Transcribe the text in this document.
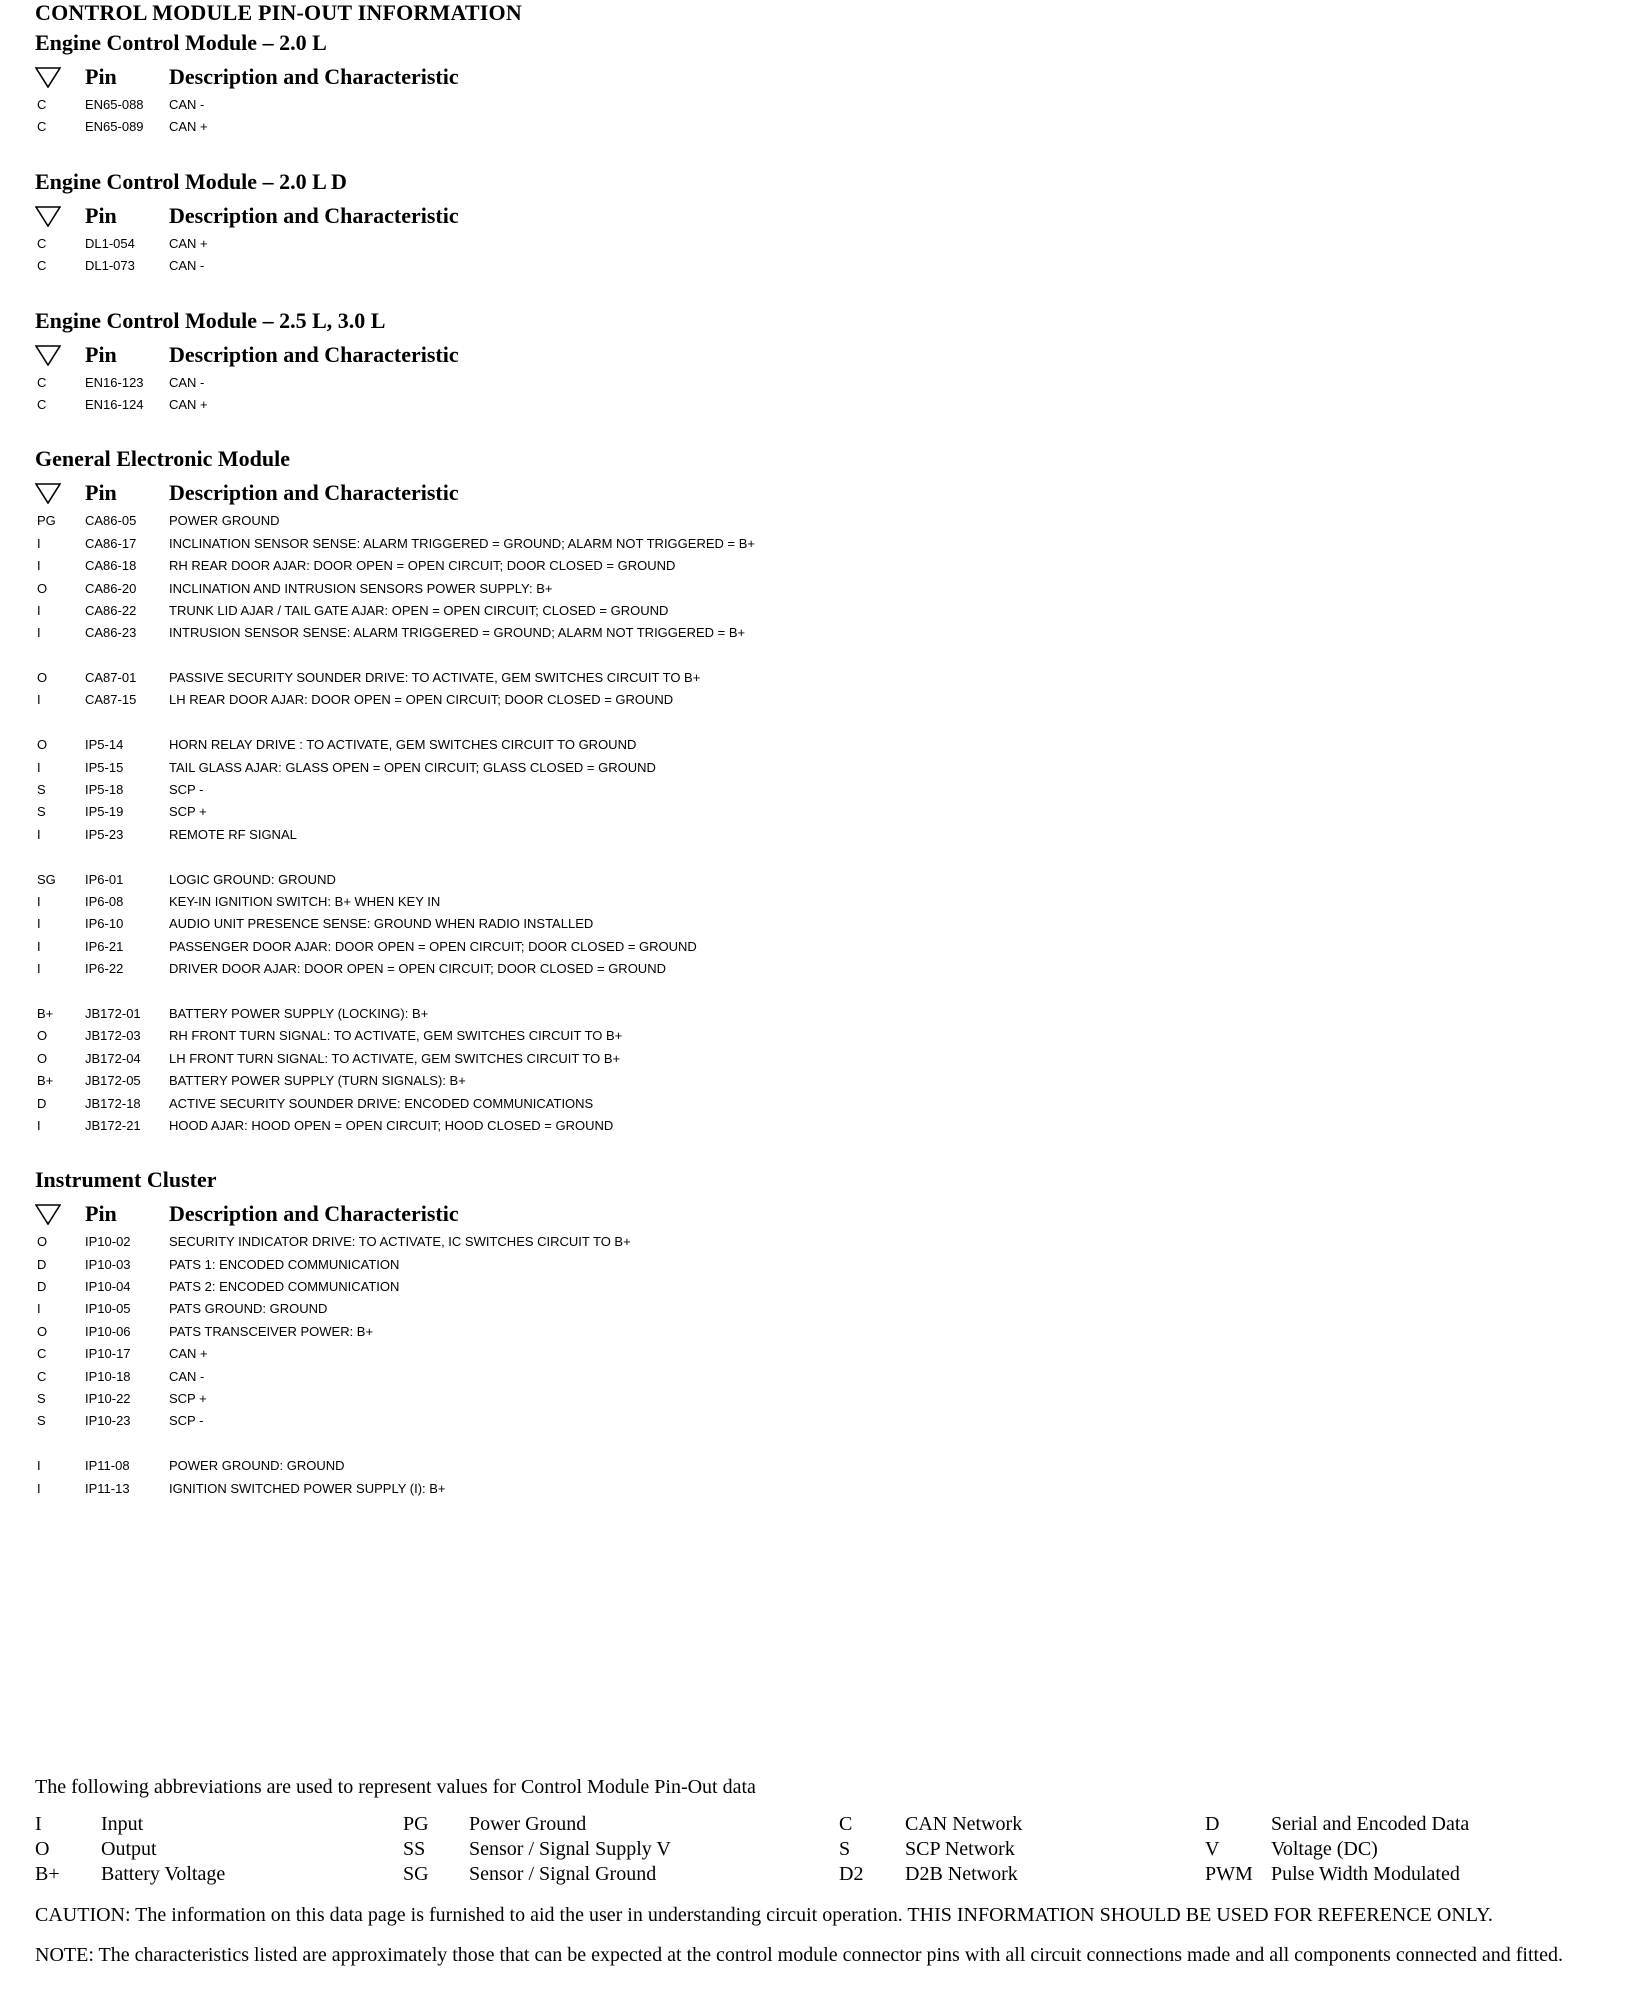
CONTROL MODULE PIN-OUT INFORMATION
Engine Control Module – 2.0 L
Pin	Description and Characteristic
C	EN65-088	CAN -
C	EN65-089	CAN +
Engine Control Module – 2.0 L D
Pin	Description and Characteristic
C	DL1-054	CAN +
C	DL1-073	CAN -
Engine Control Module – 2.5 L, 3.0 L
Pin	Description and Characteristic
C	EN16-123	CAN -
C	EN16-124	CAN +
General Electronic Module
Pin	Description and Characteristic
PG	CA86-05	POWER GROUND
I	CA86-17	INCLINATION SENSOR SENSE: ALARM TRIGGERED = GROUND; ALARM NOT TRIGGERED = B+
I	CA86-18	RH REAR DOOR AJAR: DOOR OPEN = OPEN CIRCUIT; DOOR CLOSED = GROUND
O	CA86-20	INCLINATION AND INTRUSION SENSORS POWER SUPPLY: B+
I	CA86-22	TRUNK LID AJAR / TAIL GATE AJAR: OPEN = OPEN CIRCUIT; CLOSED = GROUND
I	CA86-23	INTRUSION SENSOR SENSE: ALARM TRIGGERED = GROUND; ALARM NOT TRIGGERED = B+
O	CA87-01	PASSIVE SECURITY SOUNDER DRIVE: TO ACTIVATE, GEM SWITCHES CIRCUIT TO B+
I	CA87-15	LH REAR DOOR AJAR: DOOR OPEN = OPEN CIRCUIT; DOOR CLOSED = GROUND
O	IP5-14	HORN RELAY DRIVE : TO ACTIVATE, GEM SWITCHES CIRCUIT TO GROUND
I	IP5-15	TAIL GLASS AJAR: GLASS OPEN = OPEN CIRCUIT; GLASS CLOSED = GROUND
S	IP5-18	SCP -
S	IP5-19	SCP +
I	IP5-23	REMOTE RF SIGNAL
SG	IP6-01	LOGIC GROUND: GROUND
I	IP6-08	KEY-IN IGNITION SWITCH: B+ WHEN KEY IN
I	IP6-10	AUDIO UNIT PRESENCE SENSE: GROUND WHEN RADIO INSTALLED
I	IP6-21	PASSENGER DOOR AJAR: DOOR OPEN = OPEN CIRCUIT; DOOR CLOSED = GROUND
I	IP6-22	DRIVER DOOR AJAR: DOOR OPEN = OPEN CIRCUIT; DOOR CLOSED = GROUND
B+	JB172-01	BATTERY POWER SUPPLY (LOCKING): B+
O	JB172-03	RH FRONT TURN SIGNAL: TO ACTIVATE, GEM SWITCHES CIRCUIT TO B+
O	JB172-04	LH FRONT TURN SIGNAL: TO ACTIVATE, GEM SWITCHES CIRCUIT TO B+
B+	JB172-05	BATTERY POWER SUPPLY (TURN SIGNALS): B+
D	JB172-18	ACTIVE SECURITY SOUNDER DRIVE: ENCODED COMMUNICATIONS
I	JB172-21	HOOD AJAR: HOOD OPEN = OPEN CIRCUIT; HOOD CLOSED = GROUND
Instrument Cluster
Pin	Description and Characteristic
O	IP10-02	SECURITY INDICATOR DRIVE: TO ACTIVATE, IC SWITCHES CIRCUIT TO B+
D	IP10-03	PATS 1: ENCODED COMMUNICATION
D	IP10-04	PATS 2: ENCODED COMMUNICATION
I	IP10-05	PATS GROUND: GROUND
O	IP10-06	PATS TRANSCEIVER POWER: B+
C	IP10-17	CAN +
C	IP10-18	CAN -
S	IP10-22	SCP +
S	IP10-23	SCP -
I	IP11-08	POWER GROUND: GROUND
I	IP11-13	IGNITION SWITCHED POWER SUPPLY (I): B+
The following abbreviations are used to represent values for Control Module Pin-Out data
I	Input	PG	Power Ground	C	CAN Network	D	Serial and Encoded Data
O	Output	SS	Sensor / Signal Supply V	S	SCP Network	V	Voltage (DC)
B+	Battery Voltage	SG	Sensor / Signal Ground	D2	D2B Network	PWM Pulse Width Modulated
CAUTION: The information on this data page is furnished to aid the user in understanding circuit operation. THIS INFORMATION SHOULD BE USED FOR REFERENCE ONLY.
NOTE: The characteristics listed are approximately those that can be expected at the control module connector pins with all circuit connections made and all components connected and fitted.
